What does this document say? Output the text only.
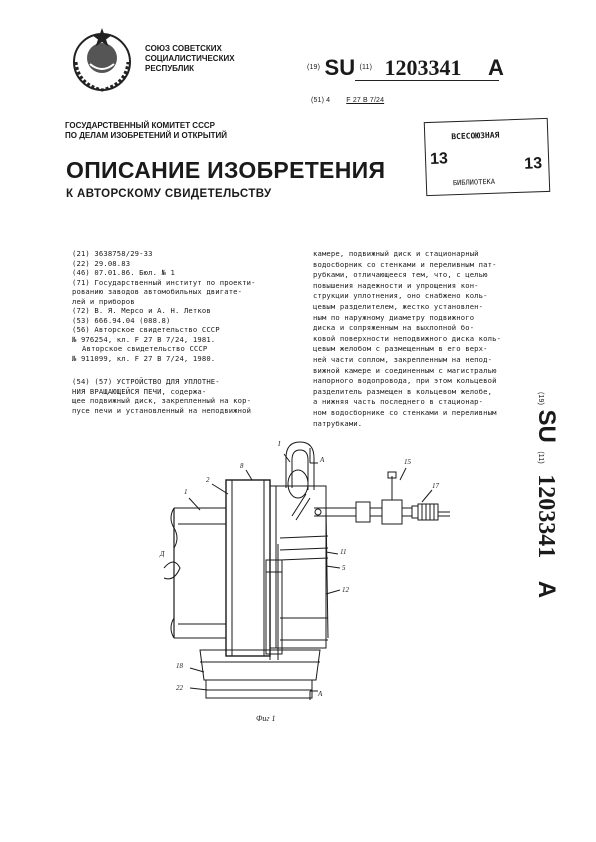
СОЮЗ СОВЕТСКИХ
СОЦИАЛИСТИЧЕСКИХ
РЕСПУБЛИК	(19) SU (11) 1203341 A
(51) 4 F 27 B 7/24
ГОСУДАРСТВЕННЫЙ КОМИТЕТ СССР
ПО ДЕЛАМ ИЗОБРЕТЕНИЙ И ОТКРЫТИЙ	ВСЕСОЮЗНАЯ
13	13
БИБЛИОТЕКА
ОПИСАНИЕ ИЗОБРЕТЕНИЯ
К АВТОРСКОМУ СВИДЕТЕЛЬСТВУ
(21) 3638758/29-33
(22) 29.08.83
(46) 07.01.86. Бюл. № 1
(71) Государственный институт по проекти-
рованию заводов автомобильных двигате-
лей и приборов
(72) В. Я. Мерсо и А. Н. Летков
(53) 666.94.04 (088.8)
(56) Авторское свидетельство СССР
№ 976254, кл. F 27 B 7/24, 1981.
Авторское свидетельство СССР
№ 911099, кл. F 27 B 7/24, 1980.
(54) (57) УСТРОЙСТВО ДЛЯ УПЛОТНЕ-
НИЯ ВРАЩАЮЩЕЙСЯ ПЕЧИ, содержа-
щее подвижный диск, закрепленный на кор-
пусе печи и установленный на неподвижной
камере, подвижный диск и стационарный
водосборник со стенками и переливным пат-
рубками, отличающееся тем, что, с целью
повышения надежности и упрощения кон-
струкции уплотнения, оно снабжено коль-
цевым разделителем, жестко установлен-
ным по наружному диаметру подвижного
диска и сопряженным на выхлопной бо-
ковой поверхности неподвижного диска коль-
цевым желобом с размещенным в его верх-
ней части соплом, закрепленным на непод-
вижной камере и соединенным с магистралью
напорного водопровода, при этом кольцевой
разделитель размещен в кольцевом желобе,
а нижняя часть последнего в стационар-
ном водосборнике со стенками и переливным
патрубками.
(19) SU (11) 1203341 A
1
2
8
I
А	15
17
11
5
12
Д
18
22
А
Фиг 1
